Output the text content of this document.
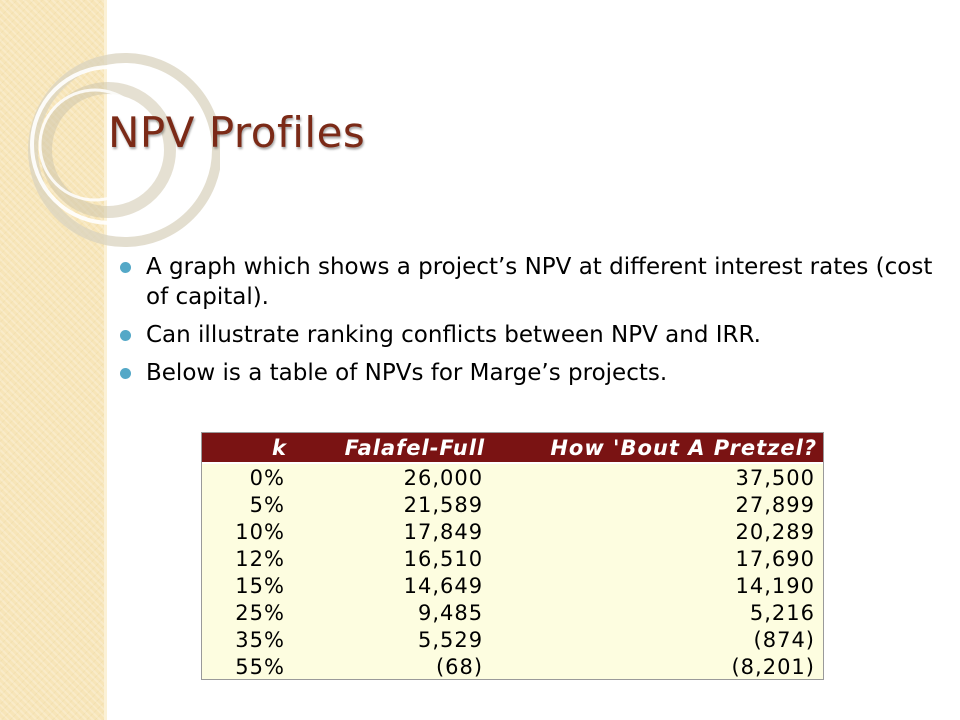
NPV Profiles
A graph which shows a project’s NPV at different interest rates (cost of capital).
Can illustrate ranking conflicts between NPV and IRR.
Below is a table of NPVs for Marge’s projects.
k	Falafel-Full	How 'Bout A Pretzel?
0%	26,000	37,500
5%	21,589	27,899
10%	17,849	20,289
12%	16,510	17,690
15%	14,649	14,190
25%	9,485	5,216
35%	5,529	(874)
55%	(68)	(8,201)
